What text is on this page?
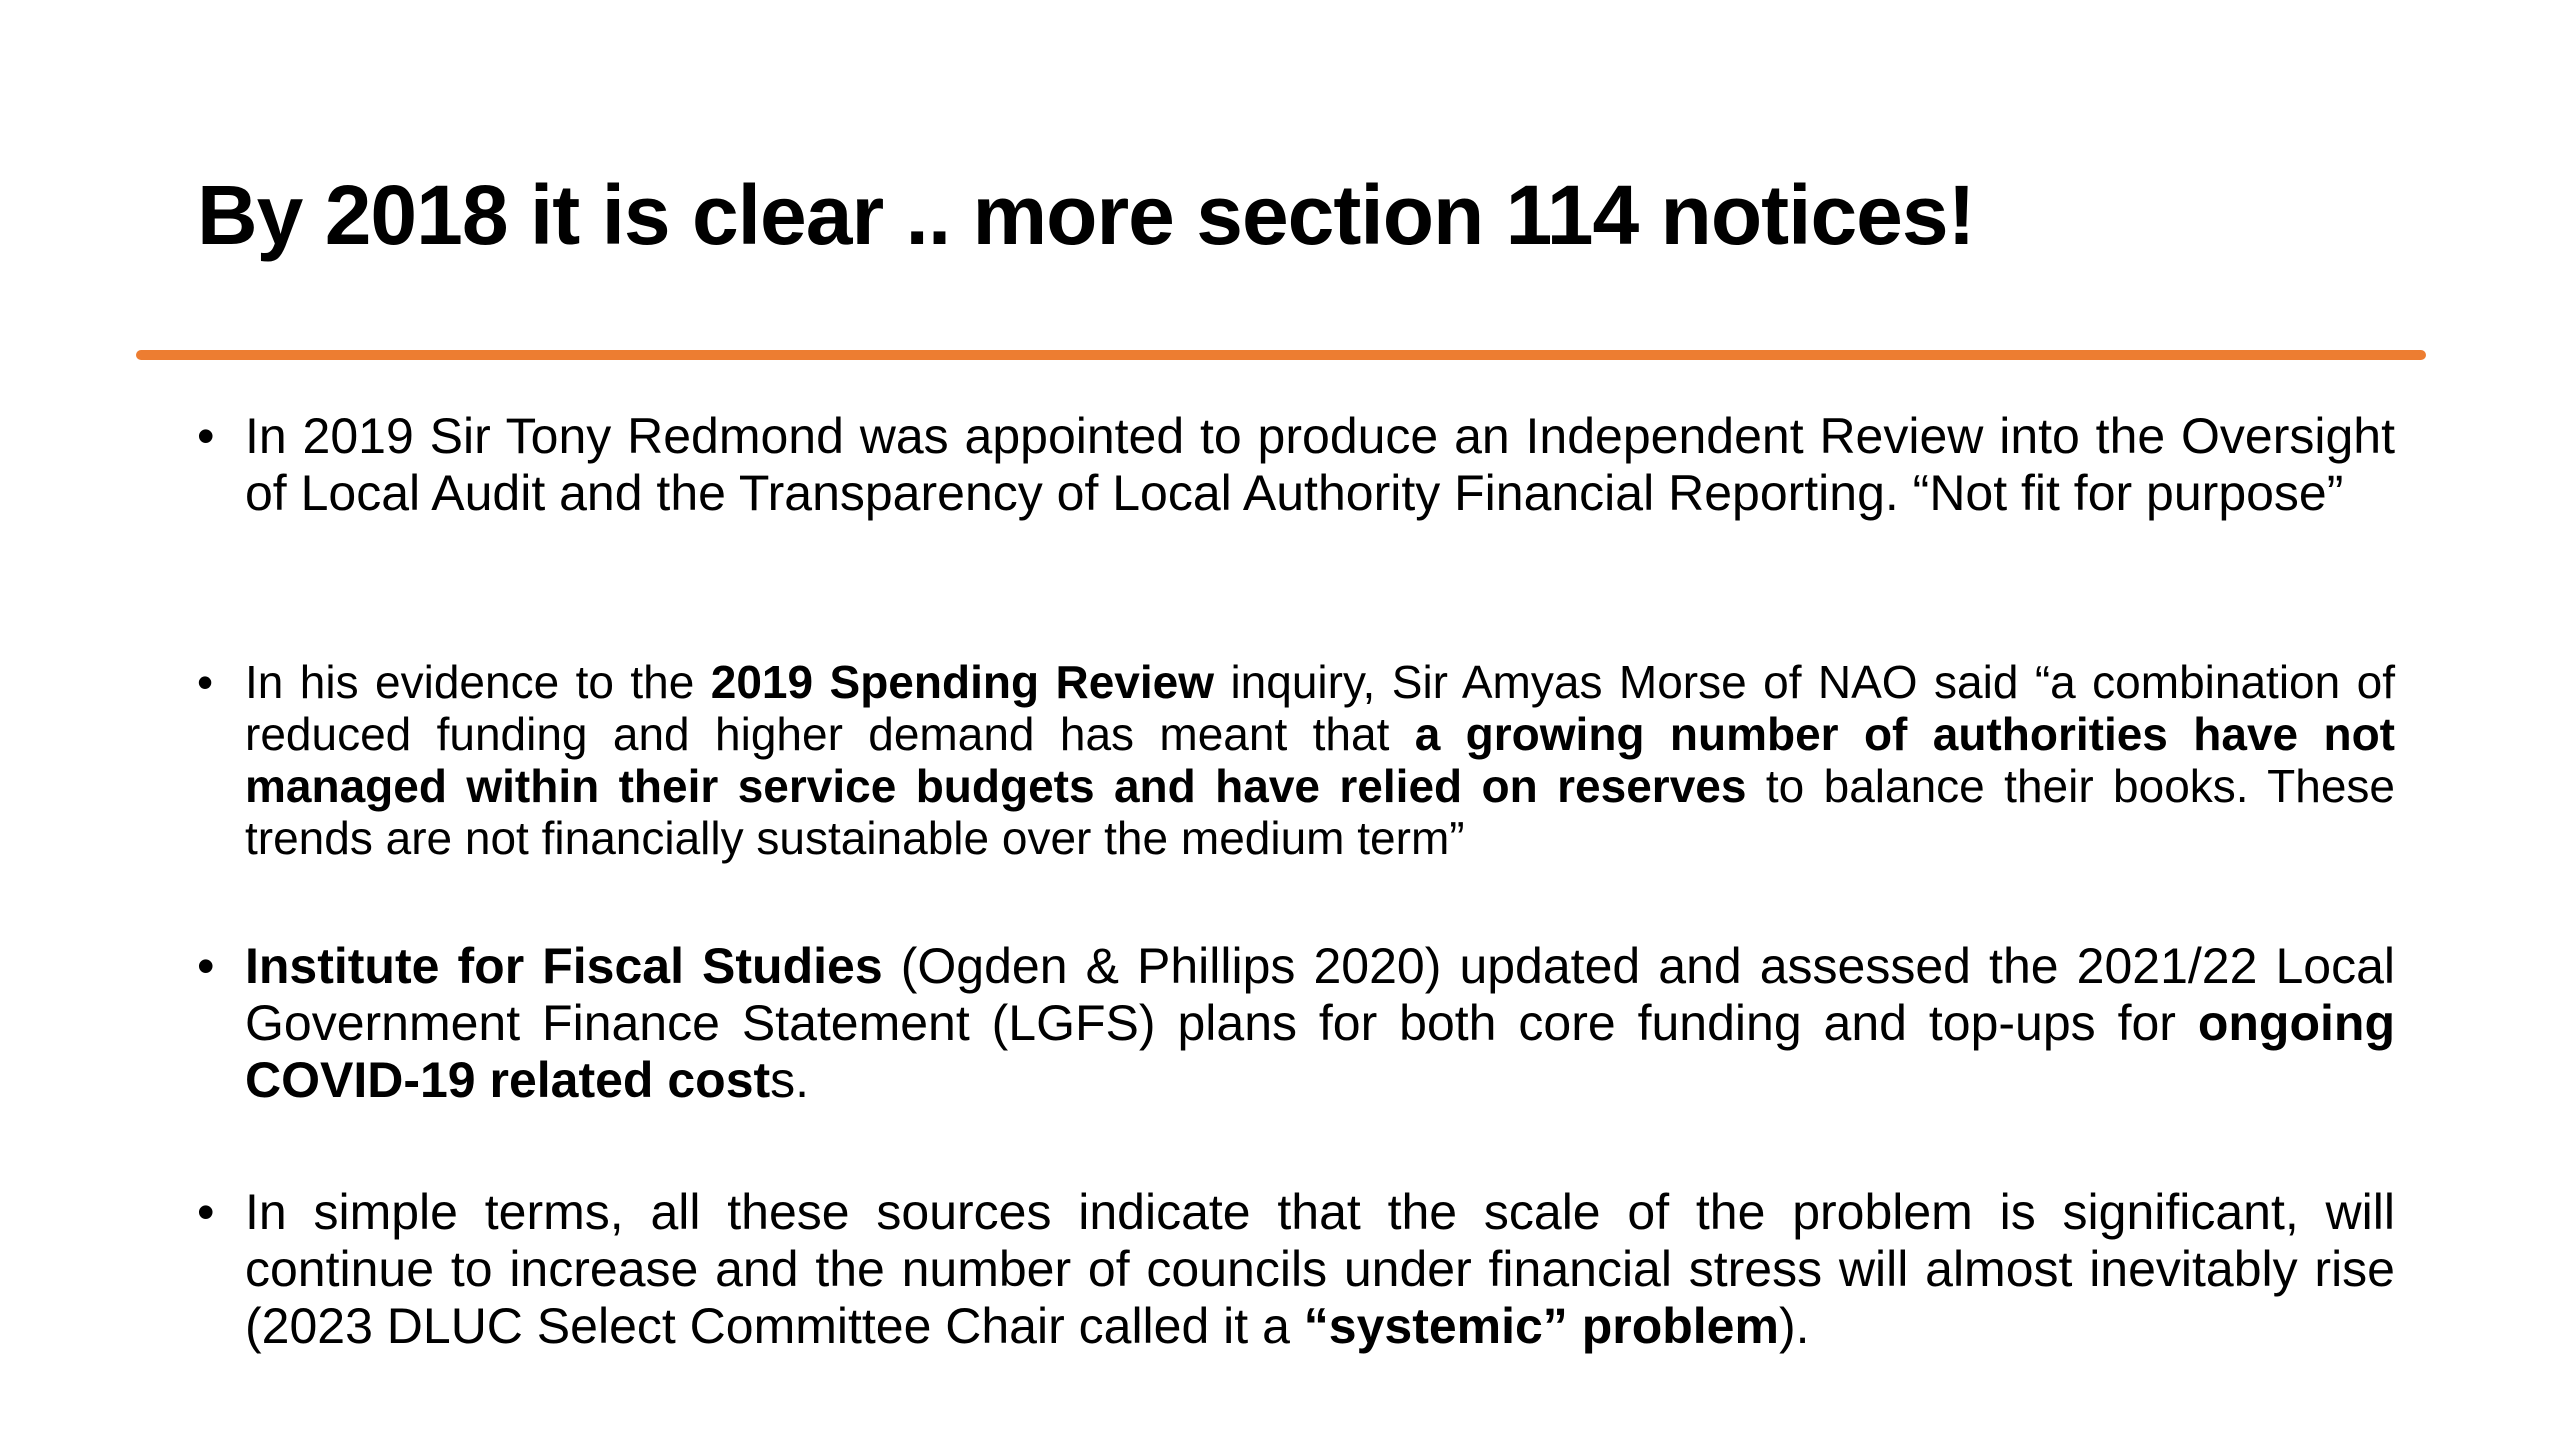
By 2018 it is clear .. more section 114 notices!
• In 2019 Sir Tony Redmond was appointed to produce an Independent Review into the Oversight of Local Audit and the Transparency of Local Authority Financial Reporting. “Not fit for purpose”

• In his evidence to the 2019 Spending Review inquiry, Sir Amyas Morse of NAO said “a combination of reduced funding and higher demand has meant that a growing number of authorities have not managed within their service budgets and have relied on reserves to balance their books. These trends are not financially sustainable over the medium term”

• Institute for Fiscal Studies (Ogden & Phillips 2020) updated and assessed the 2021/22 Local Government Finance Statement (LGFS) plans for both core funding and top-ups for ongoing COVID-19 related costs.

• In simple terms, all these sources indicate that the scale of the problem is significant, will continue to increase and the number of councils under financial stress will almost inevitably rise (2023 DLUC Select Committee Chair called it a “systemic” problem).
